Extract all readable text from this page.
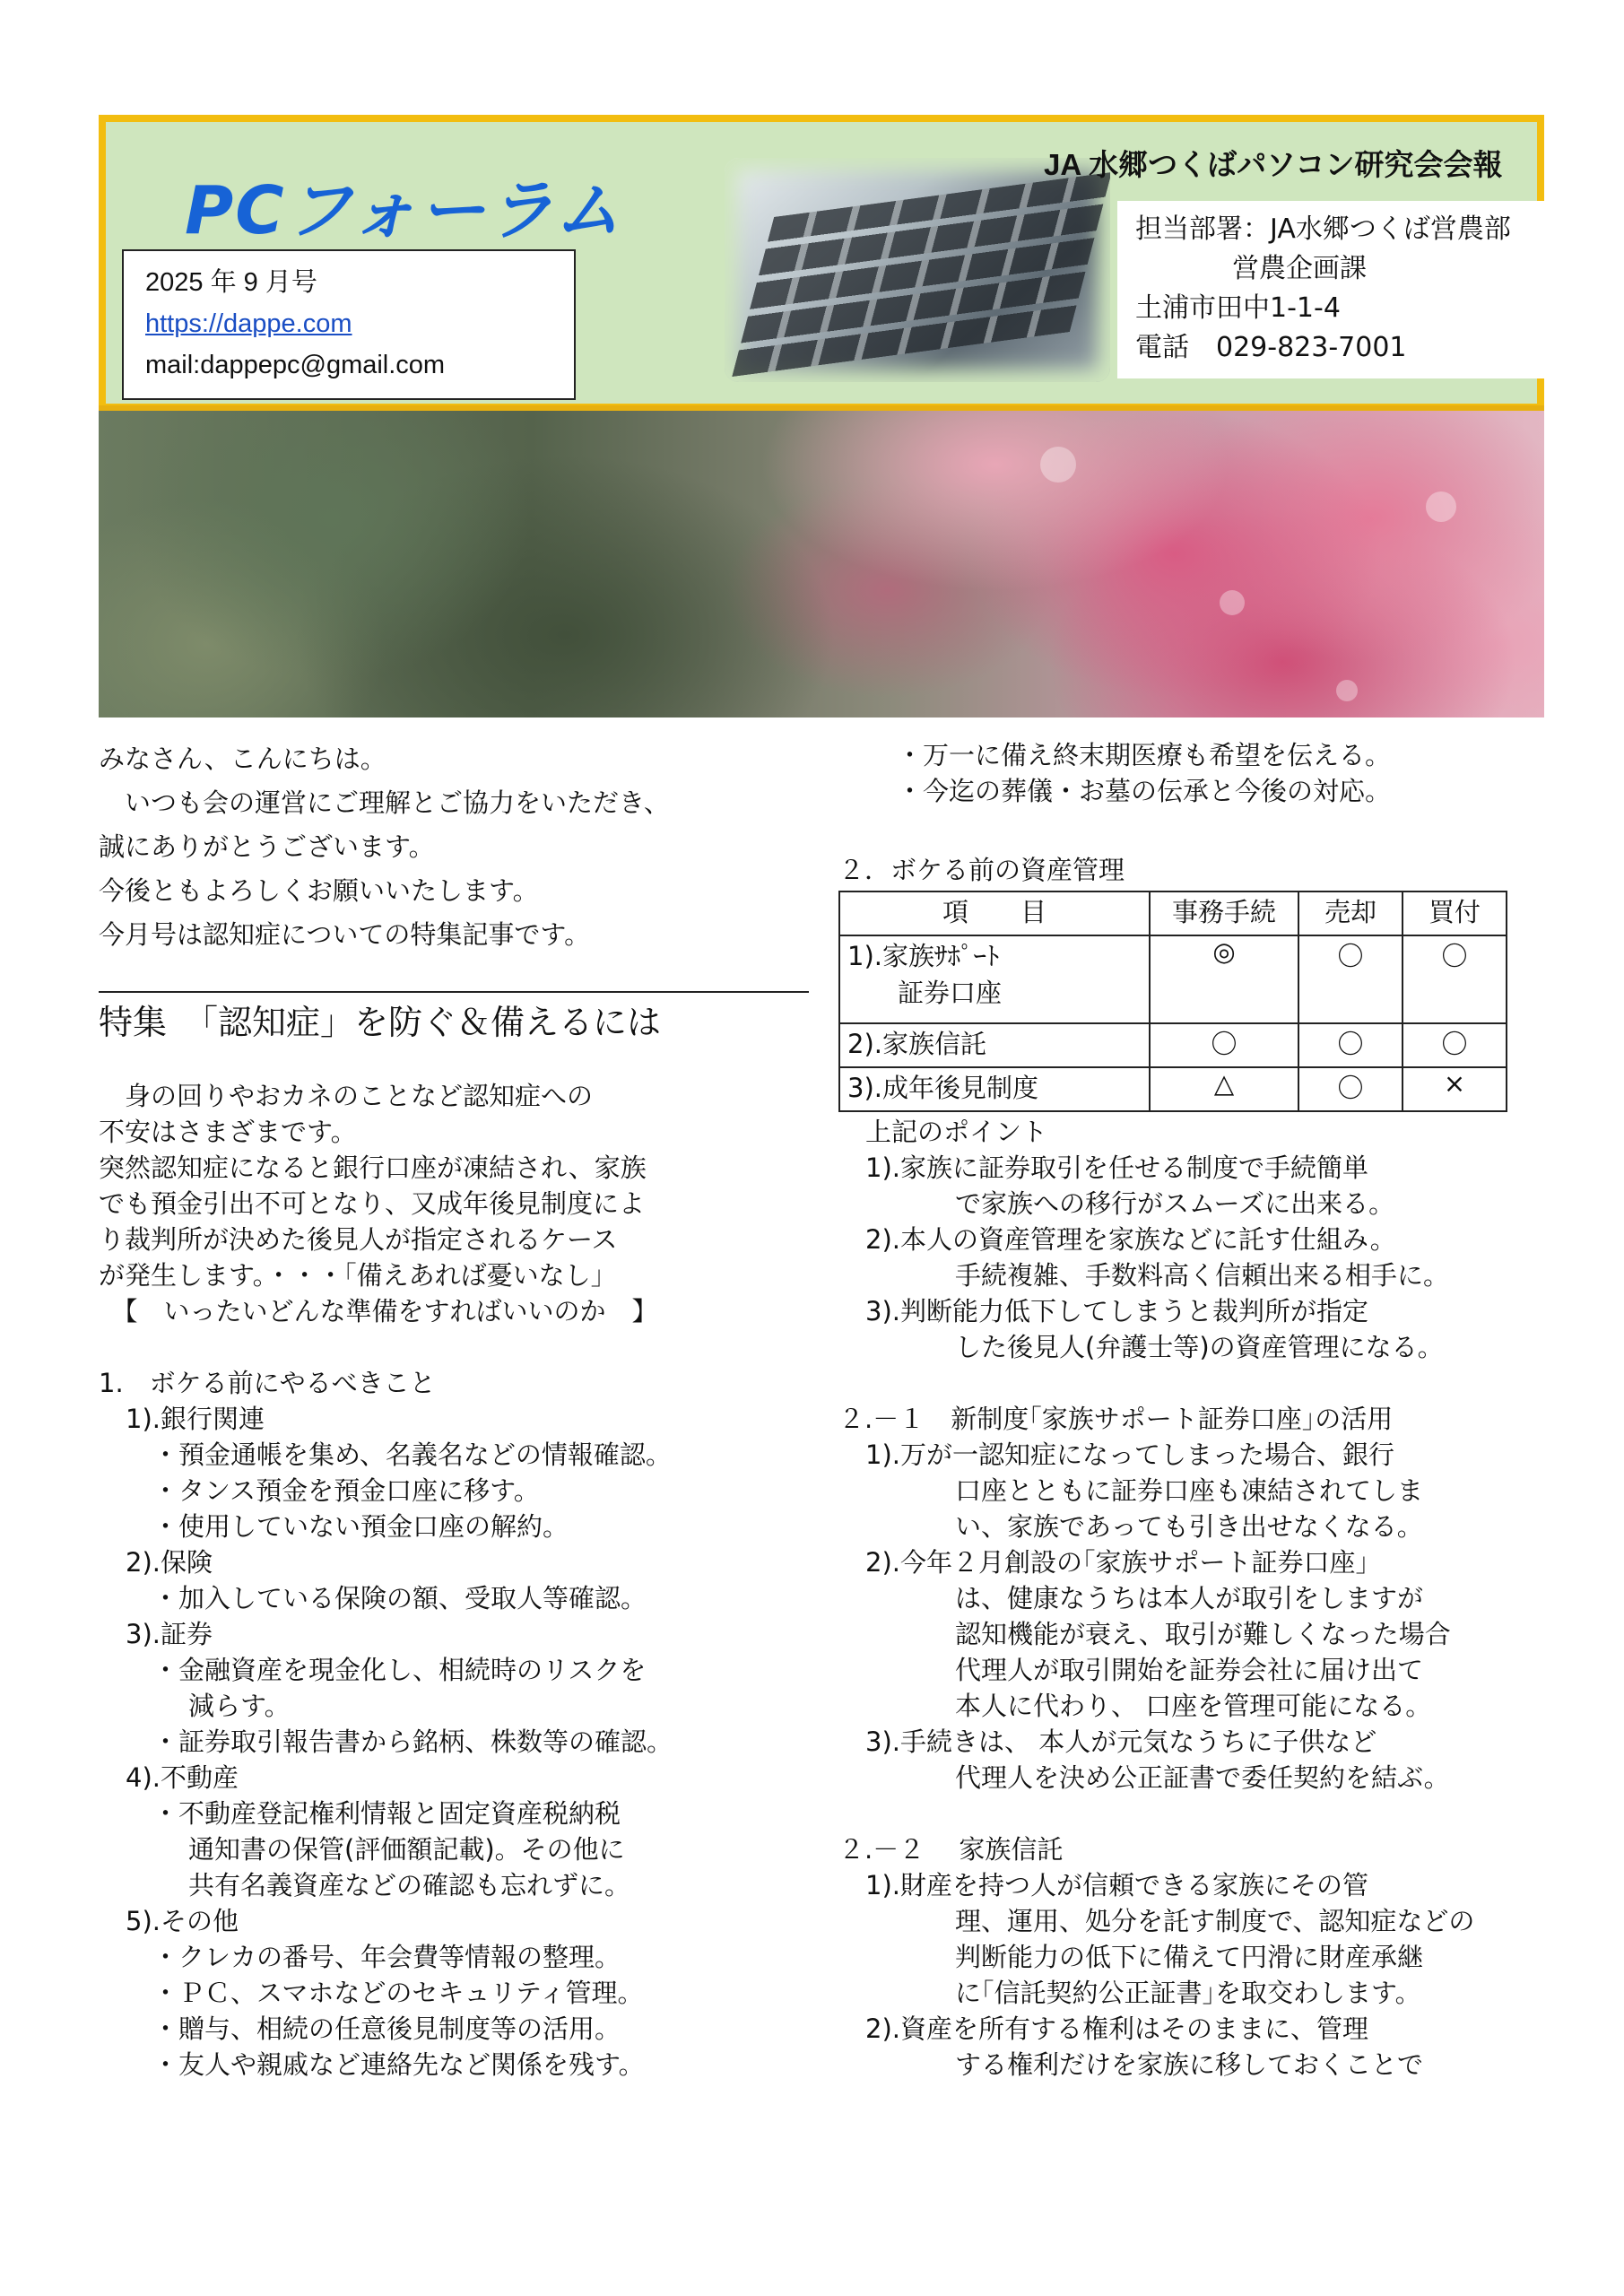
PCフォーラム
2025 年 9 月号
https://dappe.com
mail:dappepc@gmail.com
JA 水郷つくばパソコン研究会会報
担当部署：JA水郷つくば営農部
営農企画課
土浦市田中1-1-4
電話　029-823-7001
みなさん、こんにちは。
　いつも会の運営にご理解とご協力をいただき、
誠にありがとうございます。
今後ともよろしくお願いいたします。
今月号は認知症についての特集記事です。
特集　「認知症」を防ぐ＆備えるには
　身の回りやおカネのことなど認知症への
不安はさまざまです。
突然認知症になると銀行口座が凍結され、家族
でも預金引出不可となり、又成年後見制度によ
り裁判所が決めた後見人が指定されるケース
が発生します。・・・「備えあれば憂いなし」
　【　いったいどんな準備をすればいいのか　】

1.　ボケる前にやるべきこと
1).銀行関連
・預金通帳を集め、名義名などの情報確認。
・タンス預金を預金口座に移す。
・使用していない預金口座の解約。
2).保険
・加入している保険の額、受取人等確認。
3).証券
・金融資産を現金化し、相続時のリスクを
減らす。
・証券取引報告書から銘柄、株数等の確認。
4).不動産
・不動産登記権利情報と固定資産税納税
通知書の保管(評価額記載)。その他に
共有名義資産などの確認も忘れずに。
5).その他
・クレカの番号、年会費等情報の整理。
・ＰＣ、スマホなどのセキュリティ管理。
・贈与、相続の任意後見制度等の活用。
・友人や親戚など連絡先など関係を残す。
・万一に備え終末期医療も希望を伝える。
・今迄の葬儀・お墓の伝承と今後の対応。
２．ボケる前の資産管理
項　　目	事務手続	売却	買付

1).家族ｻﾎﾟｰﾄ
証券口座	◎	〇	〇
2).家族信託	〇	〇	〇
3).成年後見制度	△	〇	×
上記のポイント
1).家族に証券取引を任せる制度で手続簡単
で家族への移行がスムーズに出来る。
2).本人の資産管理を家族などに託す仕組み。
手続複雑、手数料高く信頼出来る相手に。
3).判断能力低下してしまうと裁判所が指定
した後見人(弁護士等)の資産管理になる。

２.－１　新制度｢家族サポート証券口座｣の活用
1).万が一認知症になってしまった場合、銀行
口座とともに証券口座も凍結されてしま
い、家族であっても引き出せなくなる。
2).今年２月創設の｢家族サポート証券口座｣
は、健康なうちは本人が取引をしますが
認知機能が衰え、取引が難しくなった場合
代理人が取引開始を証券会社に届け出て
本人に代わり、 口座を管理可能になる。
3).手続きは、 本人が元気なうちに子供など
代理人を決め公正証書で委任契約を結ぶ。

２.－２　 家族信託
1).財産を持つ人が信頼できる家族にその管
理、運用、処分を託す制度で、認知症などの
判断能力の低下に備えて円滑に財産承継
に｢信託契約公正証書｣を取交わします。
2).資産を所有する権利はそのままに、管理
する権利だけを家族に移しておくことで
